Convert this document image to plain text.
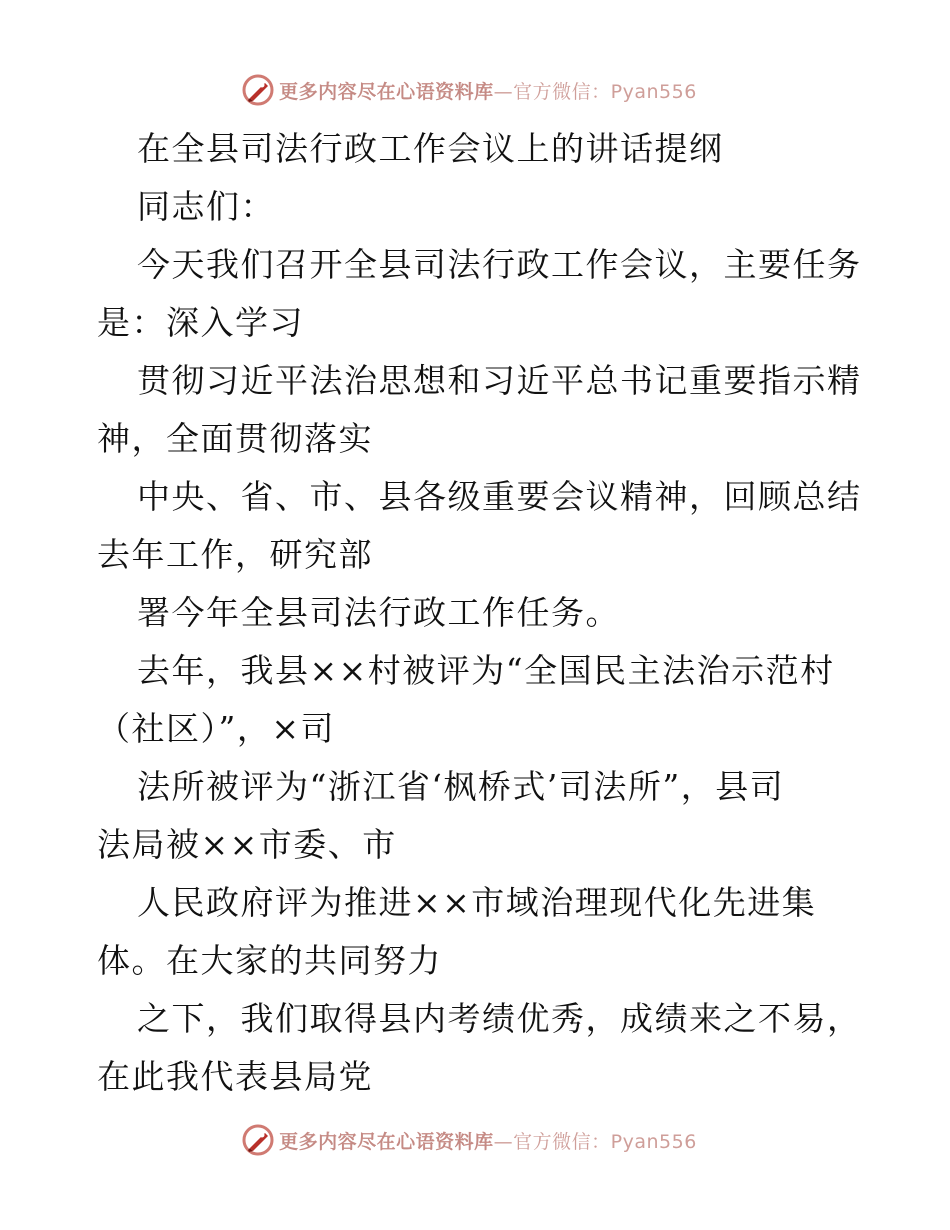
更多内容尽在心语资料库—官方微信：Pyan556
在全县司法行政工作会议上的讲话提纲
同志们：
今天我们召开全县司法行政工作会议，主要任务
是：深入学习
贯彻习近平法治思想和习近平总书记重要指示精
神，全面贯彻落实
中央、省、市、县各级重要会议精神，回顾总结
去年工作，研究部
署今年全县司法行政工作任务。
去年，我县××村被评为“全国民主法治示范村
（社区）”，×司
法所被评为“浙江省‘枫桥式’司法所”，县司
法局被××市委、市
人民政府评为推进××市域治理现代化先进集
体。在大家的共同努力
之下，我们取得县内考绩优秀，成绩来之不易，
在此我代表县局党
更多内容尽在心语资料库—官方微信：Pyan556
